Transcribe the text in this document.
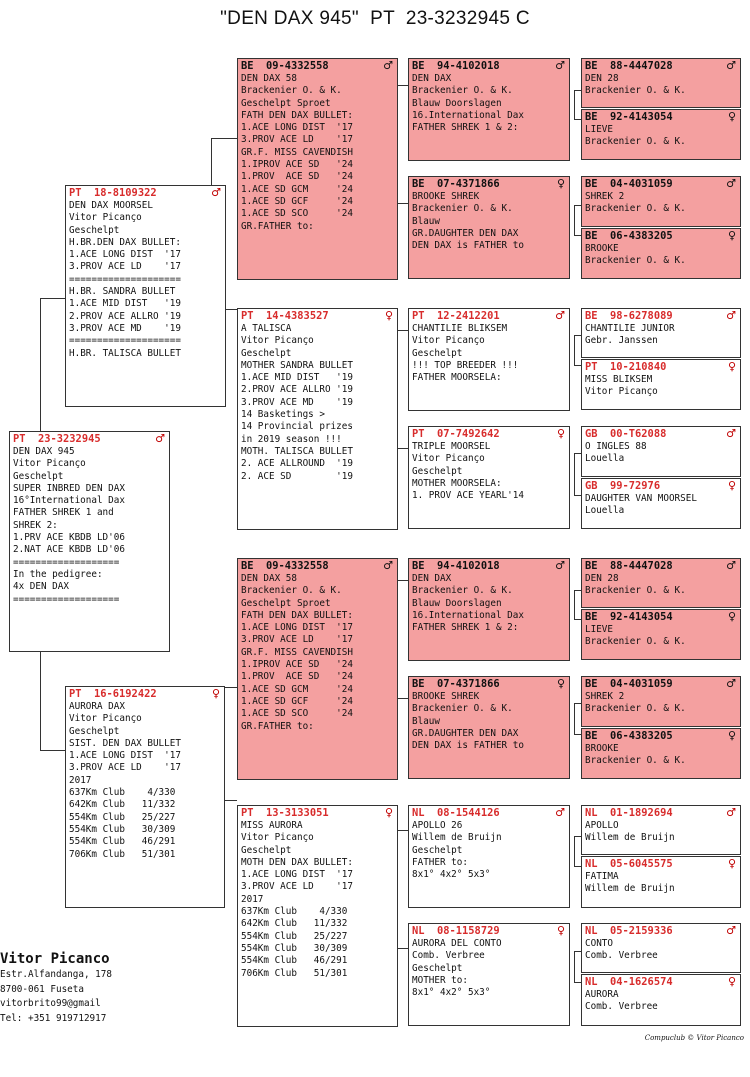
"DEN DAX 945"  PT  23-3232945 C
PT  23-3232945	♂
DEN DAX 945
Vitor Picanço
Geschelpt
SUPER INBRED DEN DAX
16°International Dax
FATHER SHREK 1 and
SHREK 2:
1.PRV ACE KBDB LD'06
2.NAT ACE KBDB LD'06
===================
In the pedigree:
4x DEN DAX
===================
PT  18-8109322	♂
DEN DAX MOORSEL
Vitor Picanço
Geschelpt
H.BR.DEN DAX BULLET:
1.ACE LONG DIST  '17
3.PROV ACE LD    '17
====================
H.BR. SANDRA BULLET
1.ACE MID DIST   '19
2.PROV ACE ALLRO '19
3.PROV ACE MD    '19
====================
H.BR. TALISCA BULLET
PT  16-6192422	♀
AURORA DAX
Vitor Picanço
Geschelpt
SIST. DEN DAX BULLET
1.ACE LONG DIST  '17
3.PROV ACE LD    '17
2017
637Km Club    4/330
642Km Club   11/332
554Km Club   25/227
554Km Club   30/309
554Km Club   46/291
706Km Club   51/301
BE  09-4332558	♂
DEN DAX 58
Brackenier O. & K.
Geschelpt Sproet
FATH DEN DAX BULLET:
1.ACE LONG DIST  '17
3.PROV ACE LD    '17
GR.F. MISS CAVENDISH
1.IPROV ACE SD   '24
1.PROV  ACE SD   '24
1.ACE SD GCM     '24
1.ACE SD GCF     '24
1.ACE SD SCO     '24
GR.FATHER to:
PT  14-4383527	♀
A TALISCA
Vitor Picanço
Geschelpt
MOTHER SANDRA BULLET
1.ACE MID DIST   '19
2.PROV ACE ALLRO '19
3.PROV ACE MD    '19
14 Basketings >
14 Provincial prizes
in 2019 season !!!
MOTH. TALISCA BULLET
2. ACE ALLROUND  '19
2. ACE SD        '19
BE  09-4332558	♂
DEN DAX 58
Brackenier O. & K.
Geschelpt Sproet
FATH DEN DAX BULLET:
1.ACE LONG DIST  '17
3.PROV ACE LD    '17
GR.F. MISS CAVENDISH
1.IPROV ACE SD   '24
1.PROV  ACE SD   '24
1.ACE SD GCM     '24
1.ACE SD GCF     '24
1.ACE SD SCO     '24
GR.FATHER to:
PT  13-3133051	♀
MISS AURORA
Vitor Picanço
Geschelpt
MOTH DEN DAX BULLET:
1.ACE LONG DIST  '17
3.PROV ACE LD    '17
2017
637Km Club    4/330
642Km Club   11/332
554Km Club   25/227
554Km Club   30/309
554Km Club   46/291
706Km Club   51/301
BE  94-4102018	♂
DEN DAX
Brackenier O. & K.
Blauw Doorslagen
16.International Dax
FATHER SHREK 1 & 2:
BE  07-4371866	♀
BROOKE SHREK
Brackenier O. & K.
Blauw
GR.DAUGHTER DEN DAX
DEN DAX is FATHER to
PT  12-2412201	♂
CHANTILIE BLIKSEM
Vitor Picanço
Geschelpt
!!! TOP BREEDER !!!
FATHER MOORSELA:
PT  07-7492642	♀
TRIPLE MOORSEL
Vitor Picanço
Geschelpt
MOTHER MOORSELA:
1. PROV ACE YEARL'14
BE  94-4102018	♂
DEN DAX
Brackenier O. & K.
Blauw Doorslagen
16.International Dax
FATHER SHREK 1 & 2:
BE  07-4371866	♀
BROOKE SHREK
Brackenier O. & K.
Blauw
GR.DAUGHTER DEN DAX
DEN DAX is FATHER to
NL  08-1544126	♂
APOLLO 26
Willem de Bruijn
Geschelpt
FATHER to:
8x1° 4x2° 5x3°
NL  08-1158729	♀
AURORA DEL CONTO
Comb. Verbree
Geschelpt
MOTHER to:
8x1° 4x2° 5x3°
BE  88-4447028	♂
DEN 28
Brackenier O. & K.
BE  92-4143054	♀
LIEVE
Brackenier O. & K.
BE  04-4031059	♂
SHREK 2
Brackenier O. & K.
BE  06-4383205	♀
BROOKE
Brackenier O. & K.
BE  98-6278089	♂
CHANTILIE JUNIOR
Gebr. Janssen
PT  10-210840	♀
MISS BLIKSEM
Vitor Picanço
GB  00-T62088	♂
O INGLES 88
Louella
GB  99-72976	♀
DAUGHTER VAN MOORSEL
Louella
BE  88-4447028	♂
DEN 28
Brackenier O. & K.
BE  92-4143054	♀
LIEVE
Brackenier O. & K.
BE  04-4031059	♂
SHREK 2
Brackenier O. & K.
BE  06-4383205	♀
BROOKE
Brackenier O. & K.
NL  01-1892694	♂
APOLLO
Willem de Bruijn
NL  05-6045575	♀
FATIMA
Willem de Bruijn
NL  05-2159336	♂
CONTO
Comb. Verbree
NL  04-1626574	♀
AURORA
Comb. Verbree
Vitor Picanco
Estr.Alfandanga, 178
8700-061 Fuseta
vitorbrito99@gmail
Tel: +351 919712917
Compuclub © Vitor Picanco
